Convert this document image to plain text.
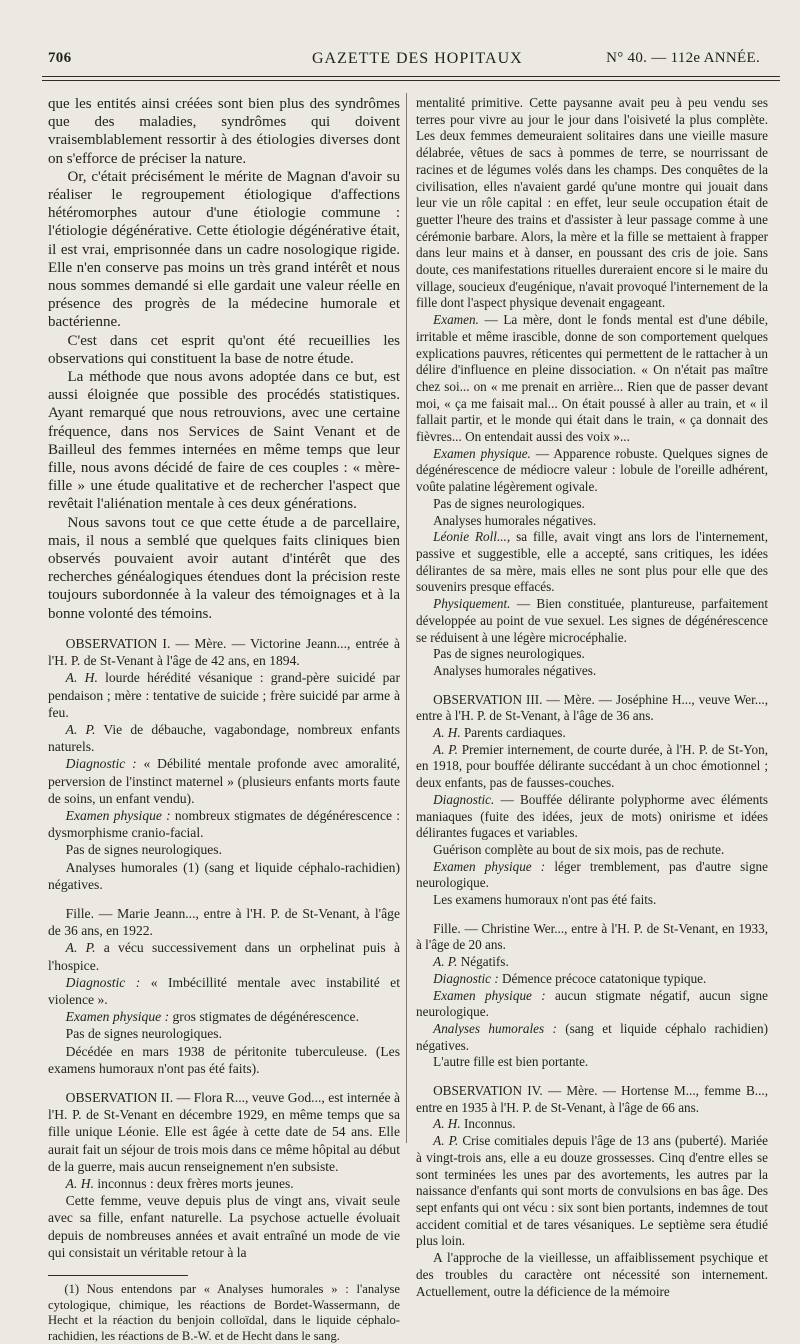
706	GAZETTE DES HOPITAUX	N° 40. — 112e ANNÉE.

que les entités ainsi créées sont bien plus des syndrômes que des maladies, syndrômes qui doivent vraisemblablement ressortir à des étiologies diverses dont on s'efforce de préciser la nature.

Or, c'était précisément le mérite de Magnan d'avoir su réaliser le regroupement étiologique d'affections hétéromorphes autour d'une étiologie commune : l'étiologie dégénérative. Cette étiologie dégénérative était, il est vrai, emprisonnée dans un cadre nosologique rigide. Elle n'en conserve pas moins un très grand intérêt et nous nous sommes demandé si elle gardait une valeur réelle en présence des progrès de la médecine humorale et bactérienne.

C'est dans cet esprit qu'ont été recueillies les observations qui constituent la base de notre étude.

La méthode que nous avons adoptée dans ce but, est aussi éloignée que possible des procédés statistiques. Ayant remarqué que nous retrouvions, avec une certaine fréquence, dans nos Services de Saint Venant et de Bailleul des femmes internées en même temps que leur fille, nous avons décidé de faire de ces couples : « mère-fille » une étude qualitative et de rechercher l'aspect que revêtait l'aliénation mentale à ces deux générations.

Nous savons tout ce que cette étude a de parcellaire, mais, il nous a semblé que quelques faits cliniques bien observés pouvaient avoir autant d'intérêt que des recherches généalogiques étendues dont la précision reste toujours subordonnée à la valeur des témoignages et à la bonne volonté des témoins.

OBSERVATION I. — Mère. — Victorine Jeann..., entrée à l'H. P. de St-Venant à l'âge de 42 ans, en 1894.

A. H. lourde hérédité vésanique : grand-père suicidé par pendaison ; mère : tentative de suicide ; frère suicidé par arme à feu.

A. P. Vie de débauche, vagabondage, nombreux enfants naturels.

Diagnostic : « Débilité mentale profonde avec amoralité, perversion de l'instinct maternel » (plusieurs enfants morts faute de soins, un enfant vendu).

Examen physique : nombreux stigmates de dégénérescence : dysmorphisme cranio-facial.

Pas de signes neurologiques.

Analyses humorales (1) (sang et liquide céphalo-rachidien) négatives.

Fille. — Marie Jeann..., entre à l'H. P. de St-Venant, à l'âge de 36 ans, en 1922.

A. P. a vécu successivement dans un orphelinat puis à l'hospice.

Diagnostic : « Imbécillité mentale avec instabilité et violence ».

Examen physique : gros stigmates de dégénérescence.

Pas de signes neurologiques.

Décédée en mars 1938 de péritonite tuberculeuse. (Les examens humoraux n'ont pas été faits).

OBSERVATION II. — Flora R..., veuve God..., est internée à l'H. P. de St-Venant en décembre 1929, en même temps que sa fille unique Léonie. Elle est âgée à cette date de 54 ans. Elle aurait fait un séjour de trois mois dans ce même hôpital au début de la guerre, mais aucun renseignement n'en subsiste.

A. H. inconnus : deux frères morts jeunes.

Cette femme, veuve depuis plus de vingt ans, vivait seule avec sa fille, enfant naturelle. La psychose actuelle évoluait depuis de nombreuses années et avait entraîné un mode de vie qui consistait un véritable retour à la

(1) Nous entendons par « Analyses humorales » : l'analyse cytologique, chimique, les réactions de Bordet-Wassermann, de Hecht et la réaction du benjoin colloïdal, dans le liquide céphalo-rachidien, les réactions de B.-W. et de Hecht dans le sang.

mentalité primitive. Cette paysanne avait peu à peu vendu ses terres pour vivre au jour le jour dans l'oisiveté la plus complète. Les deux femmes demeuraient solitaires dans une vieille masure délabrée, vêtues de sacs à pommes de terre, se nourrissant de racines et de légumes volés dans les champs. Des conquêtes de la civilisation, elles n'avaient gardé qu'une montre qui jouait dans leur vie un rôle capital : en effet, leur seule occupation était de guetter l'heure des trains et d'assister à leur passage comme à une cérémonie barbare. Alors, la mère et la fille se mettaient à frapper dans leur mains et à danser, en poussant des cris de joie. Sans doute, ces manifestations rituelles dureraient encore si le maire du village, soucieux d'eugénique, n'avait provoqué l'internement de la fille dont l'aspect physique devenait engageant.

Examen. — La mère, dont le fonds mental est d'une débile, irritable et même irascible, donne de son comportement quelques explications pauvres, réticentes qui permettent de le rattacher à un délire d'influence en pleine dissociation. « On n'était pas maître chez soi... on « me prenait en arrière... Rien que de passer devant moi, « ça me faisait mal... On était poussé à aller au train, et « il fallait partir, et le monde qui était dans le train, « ça donnait des fièvres... On entendait aussi des voix »...

Examen physique. — Apparence robuste. Quelques signes de dégénérescence de médiocre valeur : lobule de l'oreille adhérent, voûte palatine légèrement ogivale.

Pas de signes neurologiques.

Analyses humorales négatives.

Léonie Roll..., sa fille, avait vingt ans lors de l'internement, passive et suggestible, elle a accepté, sans critiques, les idées délirantes de sa mère, mais elles ne sont plus pour elle que des souvenirs presque effacés.

Physiquement. — Bien constituée, plantureuse, parfaitement développée au point de vue sexuel. Les signes de dégénérescence se réduisent à une légère microcéphalie.

Pas de signes neurologiques.

Analyses humorales négatives.

OBSERVATION III. — Mère. — Joséphine H..., veuve Wer..., entre à l'H. P. de St-Venant, à l'âge de 36 ans.

A. H. Parents cardiaques.

A. P. Premier internement, de courte durée, à l'H. P. de St-Yon, en 1918, pour bouffée délirante succédant à un choc émotionnel ; deux enfants, pas de fausses-couches.

Diagnostic. — Bouffée délirante polyphorme avec éléments maniaques (fuite des idées, jeux de mots) onirisme et idées délirantes fugaces et variables.

Guérison complète au bout de six mois, pas de rechute.

Examen physique : léger tremblement, pas d'autre signe neurologique.

Les examens humoraux n'ont pas été faits.

Fille. — Christine Wer..., entre à l'H. P. de St-Venant, en 1933, à l'âge de 20 ans.

A. P. Négatifs.

Diagnostic : Démence précoce catatonique typique.

Examen physique : aucun stigmate négatif, aucun signe neurologique.

Analyses humorales : (sang et liquide céphalo rachidien) négatives.

L'autre fille est bien portante.

OBSERVATION IV. — Mère. — Hortense M..., femme B..., entre en 1935 à l'H. P. de St-Venant, à l'âge de 66 ans.

A. H. Inconnus.

A. P. Crise comitiales depuis l'âge de 13 ans (puberté). Mariée à vingt-trois ans, elle a eu douze grossesses. Cinq d'entre elles se sont terminées les unes par des avortements, les autres par la naissance d'enfants qui sont morts de convulsions en bas âge. Des sept enfants qui ont vécu : six sont bien portants, indemnes de tout accident comitial et de tares vésaniques. Le septième sera étudié plus loin.

A l'approche de la vieillesse, un affaiblissement psychique et des troubles du caractère ont nécessité son internement. Actuellement, outre la déficience de la mémoire
